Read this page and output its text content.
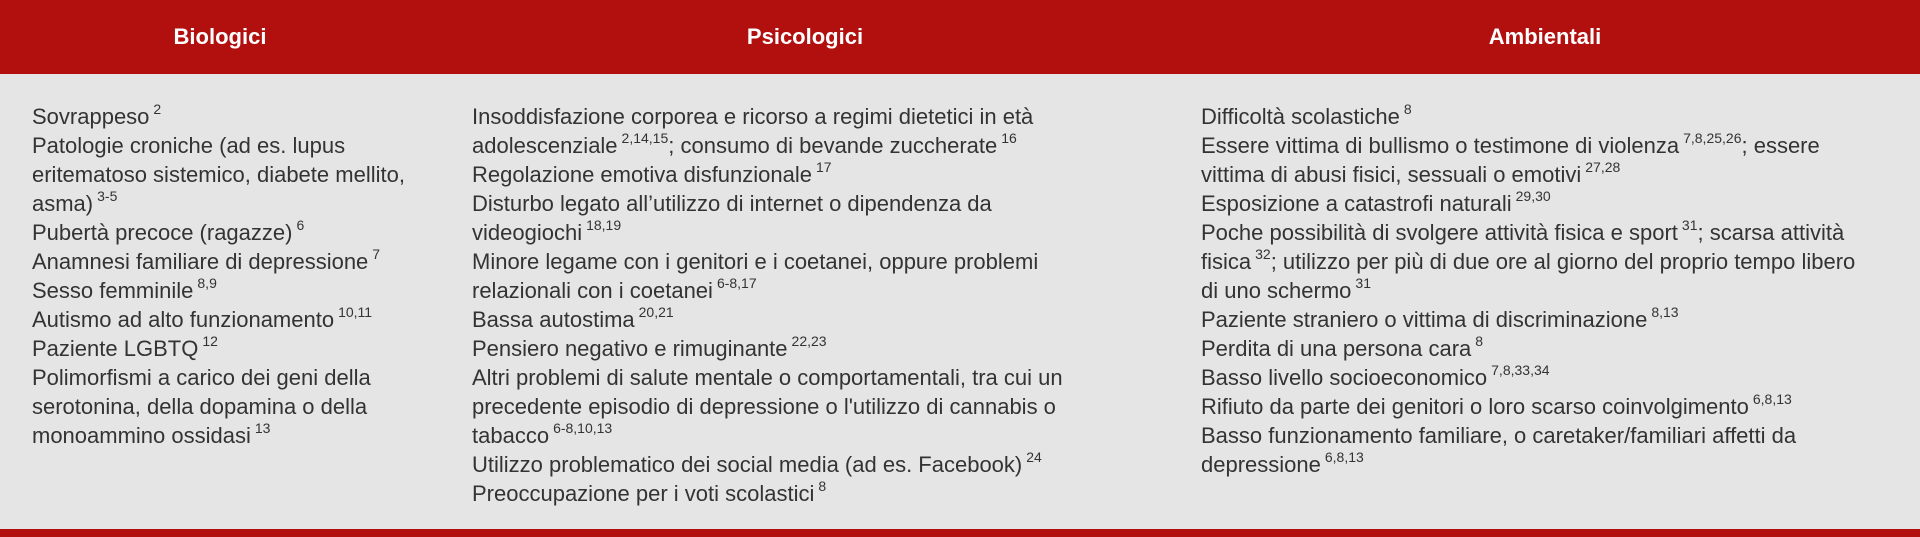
Biologici	Psicologici	Ambientali
Sovrappeso $^2$
Patologie croniche (ad es. lupus eritematoso sistemico, diabete mellito, asma) $^{3-5}$
Pubertà precoce (ragazze) $^6$
Anamnesi familiare di depressione $^7$
Sesso femminile $^{8,9}$
Autismo ad alto funzionamento $^{10,11}$
Paziente LGBTQ $^{12}$
Polimorfismi a carico dei geni della serotonina, della dopamina o della monoammino ossidasi $^{13}$
Insoddisfazione corporea e ricorso a regimi dietetici in età adolescenziale $^{2,14,15}$; consumo di bevande zuccherate $^{16}$
Regolazione emotiva disfunzionale $^{17}$
Disturbo legato all’utilizzo di internet o dipendenza da videogiochi $^{18,19}$
Minore legame con i genitori e i coetanei, oppure problemi relazionali con i coetanei $^{6-8,17}$
Bassa autostima $^{20,21}$
Pensiero negativo e rimuginante $^{22,23}$
Altri problemi di salute mentale o comportamentali, tra cui un precedente episodio di depressione o l'utilizzo di cannabis o tabacco $^{6-8,10,13}$
Utilizzo problematico dei social media (ad es. Facebook) $^{24}$
Preoccupazione per i voti scolastici $^8$
Difficoltà scolastiche $^8$
Essere vittima di bullismo o testimone di violenza $^{7,8,25,26}$; essere vittima di abusi fisici, sessuali o emotivi $^{27,28}$
Esposizione a catastrofi naturali $^{29,30}$
Poche possibilità di svolgere attività fisica e sport $^{31}$; scarsa attività fisica $^{32}$; utilizzo per più di due ore al giorno del proprio tempo libero di uno schermo $^{31}$
Paziente straniero o vittima di discriminazione $^{8,13}$
Perdita di una persona cara $^8$
Basso livello socioeconomico $^{7,8,33,34}$
Rifiuto da parte dei genitori o loro scarso coinvolgimento $^{6,8,13}$
Basso funzionamento familiare, o caretaker/familiari affetti da depressione $^{6,8,13}$
